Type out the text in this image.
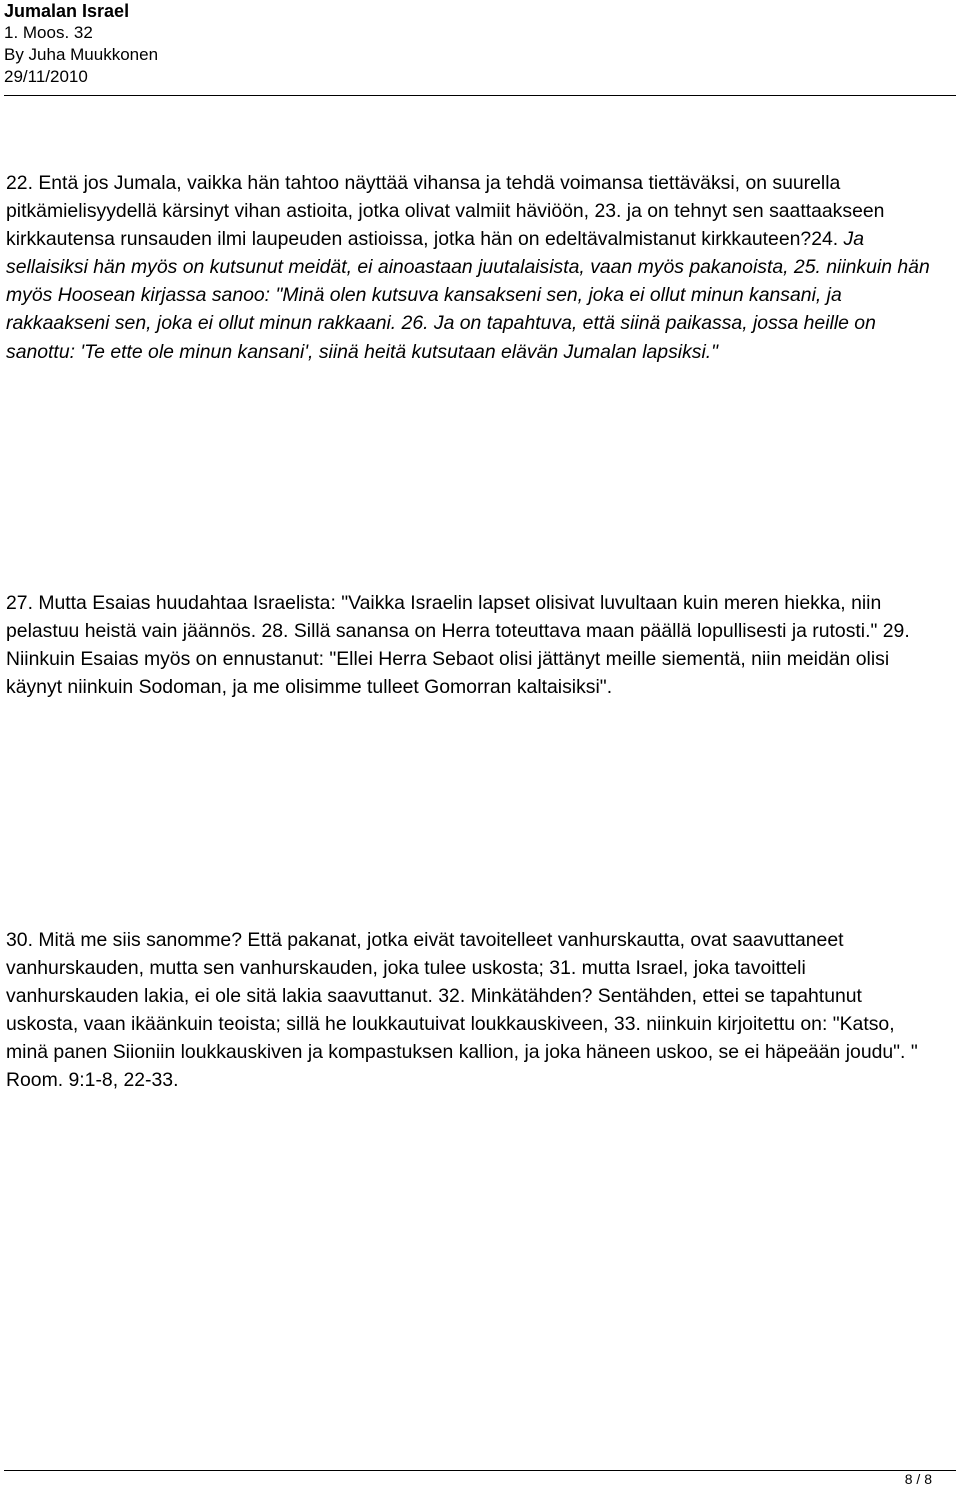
Jumalan Israel
1. Moos. 32
By Juha Muukkonen
29/11/2010

22. Entä jos Jumala, vaikka hän tahtoo näyttää vihansa ja tehdä voimansa tiettäväksi, on suurella pitkämielisyydellä kärsinyt vihan astioita, jotka olivat valmiit häviöön, 23. ja on tehnyt sen saattaakseen kirkkautensa runsauden ilmi laupeuden astioissa, jotka hän on edeltävalmistanut kirkkauteen?24. Ja sellaisiksi hän myös on kutsunut meidät, ei ainoastaan juutalaisista, vaan myös pakanoista, 25. niinkuin hän myös Hoosean kirjassa sanoo: "Minä olen kutsuva kansakseni sen, joka ei ollut minun kansani, ja rakkaakseni sen, joka ei ollut minun rakkaani. 26. Ja on tapahtuva, että siinä paikassa, jossa heille on sanottu: 'Te ette ole minun kansani', siinä heitä kutsutaan elävän Jumalan lapsiksi."

27. Mutta Esaias huudahtaa Israelista: "Vaikka Israelin lapset olisivat luvultaan kuin meren hiekka, niin pelastuu heistä vain jäännös. 28. Sillä sanansa on Herra toteuttava maan päällä lopullisesti ja rutosti." 29. Niinkuin Esaias myös on ennustanut: "Ellei Herra Sebaot olisi jättänyt meille siementä, niin meidän olisi käynyt niinkuin Sodoman, ja me olisimme tulleet Gomorran kaltaisiksi".

30. Mitä me siis sanomme? Että pakanat, jotka eivät tavoitelleet vanhurskautta, ovat saavuttaneet vanhurskauden, mutta sen vanhurskauden, joka tulee uskosta; 31. mutta Israel, joka tavoitteli vanhurskauden lakia, ei ole sitä lakia saavuttanut. 32. Minkätähden? Sentähden, ettei se tapahtunut uskosta, vaan ikäänkuin teoista; sillä he loukkautuivat loukkauskiveen, 33. niinkuin kirjoitettu on: "Katso, minä panen Siioniin loukkauskiven ja kompastuksen kallion, ja joka häneen uskoo, se ei häpeään joudu". " Room. 9:1-8, 22-33.

8 / 8
